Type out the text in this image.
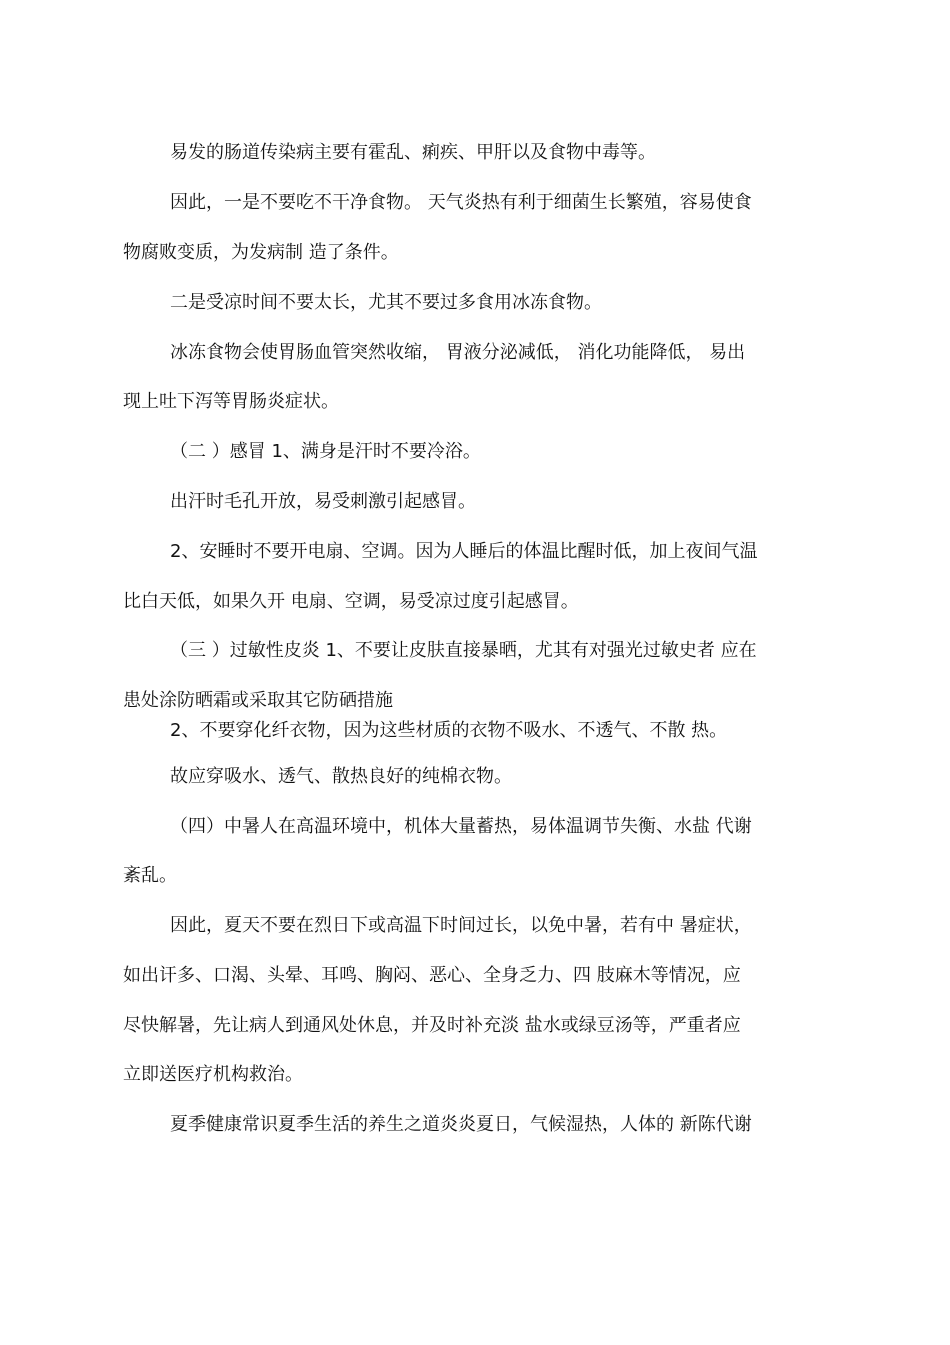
易发的肠道传染病主要有霍乱、痢疾、甲肝以及食物中毒等。

因此，一是不要吃不干净食物。 天气炎热有利于细菌生长繁殖，容易使食

物腐败变质，为发病制 造了条件。

二是受凉时间不要太长，尤其不要过多食用冰冻食物。

冰冻食物会使胃肠血管突然收缩， 胃液分泌减低， 消化功能降低， 易出

现上吐下泻等胃肠炎症状。

（二 ）感冒 1、满身是汗时不要冷浴。

出汗时毛孔开放，易受刺激引起感冒。

2、安睡时不要开电扇、空调。因为人睡后的体温比醒时低，加上夜间气温

比白天低，如果久开 电扇、空调，易受凉过度引起感冒。

（三 ）过敏性皮炎 1、不要让皮肤直接暴晒，尤其有对强光过敏史者 应在

患处涂防晒霜或采取其它防硒措施

2、不要穿化纤衣物，因为这些材质的衣物不吸水、不透气、不散 热。

故应穿吸水、透气、散热良好的纯棉衣物。

（四）中暑人在高温环境中，机体大量蓄热，易体温调节失衡、水盐 代谢

紊乱。

因此，夏天不要在烈日下或高温下时间过长，以免中暑，若有中 暑症状，

如出讦多、口渴、头晕、耳鸣、胸闷、恶心、全身乏力、四 肢麻木等情况，应

尽快解暑，先让病人到通风处休息，并及时补充淡 盐水或绿豆汤等，严重者应

立即送医疗机构救治。

夏季健康常识夏季生活的养生之道炎炎夏日，气候湿热，人体的 新陈代谢
